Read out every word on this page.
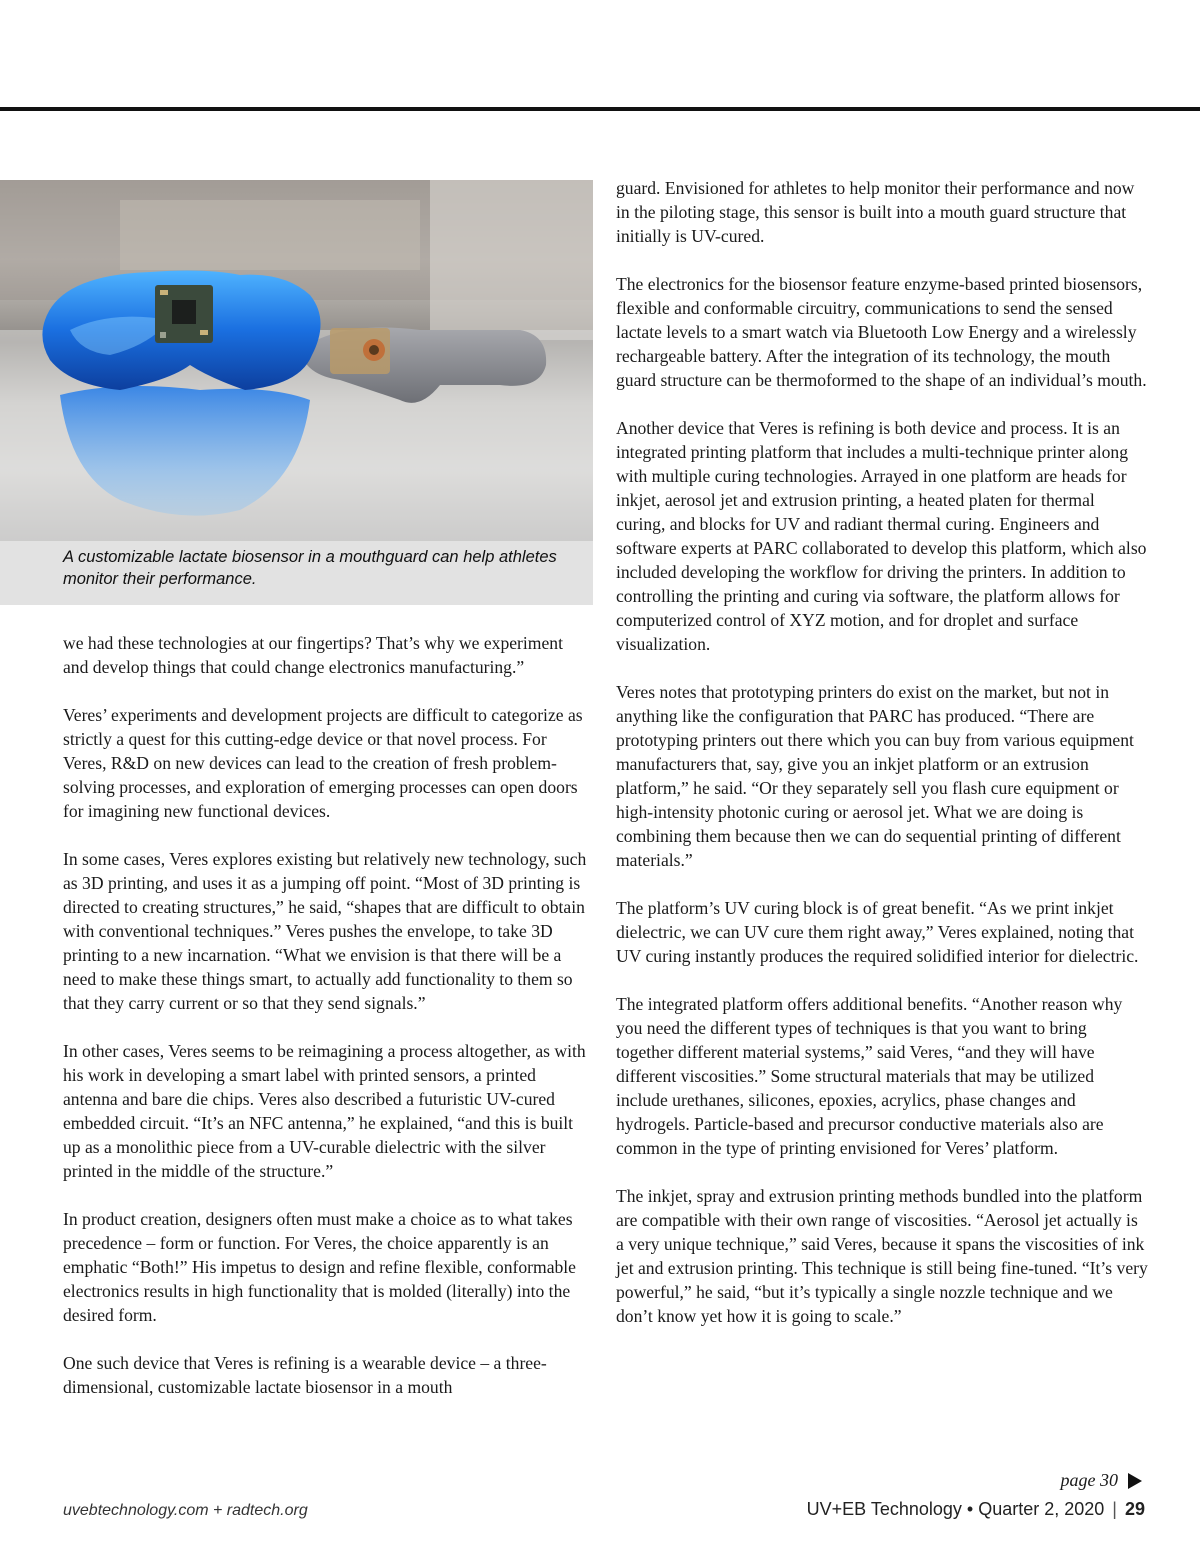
A customizable lactate biosensor in a mouthguard can help athletes monitor their performance.

we had these technologies at our fingertips? That’s why we experiment and develop things that could change electronics manufacturing.”

Veres’ experiments and development projects are difficult to categorize as strictly a quest for this cutting-edge device or that novel process. For Veres, R&D on new devices can lead to the creation of fresh problem-solving processes, and exploration of emerging processes can open doors for imagining new functional devices.

In some cases, Veres explores existing but relatively new technology, such as 3D printing, and uses it as a jumping off point. “Most of 3D printing is directed to creating structures,” he said, “shapes that are difficult to obtain with conventional techniques.” Veres pushes the envelope, to take 3D printing to a new incarnation. “What we envision is that there will be a need to make these things smart, to actually add functionality to them so that they carry current or so that they send signals.”

In other cases, Veres seems to be reimagining a process altogether, as with his work in developing a smart label with printed sensors, a printed antenna and bare die chips. Veres also described a futuristic UV-cured embedded circuit. “It’s an NFC antenna,” he explained, “and this is built up as a monolithic piece from a UV-curable dielectric with the silver printed in the middle of the structure.”

In product creation, designers often must make a choice as to what takes precedence – form or function. For Veres, the choice apparently is an emphatic “Both!” His impetus to design and refine flexible, conformable electronics results in high functionality that is molded (literally) into the desired form.

One such device that Veres is refining is a wearable device – a three-dimensional, customizable lactate biosensor in a mouth

guard. Envisioned for athletes to help monitor their performance and now in the piloting stage, this sensor is built into a mouth guard structure that initially is UV-cured.

The electronics for the biosensor feature enzyme-based printed biosensors, flexible and conformable circuitry, communications to send the sensed lactate levels to a smart watch via Bluetooth Low Energy and a wirelessly rechargeable battery. After the integration of its technology, the mouth guard structure can be thermoformed to the shape of an individual’s mouth.

Another device that Veres is refining is both device and process. It is an integrated printing platform that includes a multi-technique printer along with multiple curing technologies. Arrayed in one platform are heads for inkjet, aerosol jet and extrusion printing, a heated platen for thermal curing, and blocks for UV and radiant thermal curing. Engineers and software experts at PARC collaborated to develop this platform, which also included developing the workflow for driving the printers. In addition to controlling the printing and curing via software, the platform allows for computerized control of XYZ motion, and for droplet and surface visualization.

Veres notes that prototyping printers do exist on the market, but not in anything like the configuration that PARC has produced. “There are prototyping printers out there which you can buy from various equipment manufacturers that, say, give you an inkjet platform or an extrusion platform,” he said. “Or they separately sell you flash cure equipment or high-intensity photonic curing or aerosol jet. What we are doing is combining them because then we can do sequential printing of different materials.”

The platform’s UV curing block is of great benefit. “As we print inkjet dielectric, we can UV cure them right away,” Veres explained, noting that UV curing instantly produces the required solidified interior for dielectric.

The integrated platform offers additional benefits. “Another reason why you need the different types of techniques is that you want to bring together different material systems,” said Veres, “and they will have different viscosities.” Some structural materials that may be utilized include urethanes, silicones, epoxies, acrylics, phase changes and hydrogels. Particle-based and precursor conductive materials also are common in the type of printing envisioned for Veres’ platform.

The inkjet, spray and extrusion printing methods bundled into the platform are compatible with their own range of viscosities. “Aerosol jet actually is a very unique technique,” said Veres, because it spans the viscosities of ink jet and extrusion printing. This technique is still being fine-tuned. “It’s very powerful,” he said, “but it’s typically a single nozzle technique and we don’t know yet how it is going to scale.”

page 30
uvebtechnology.com + radtech.org	UV+EB Technology • Quarter 2, 2020 | 29
